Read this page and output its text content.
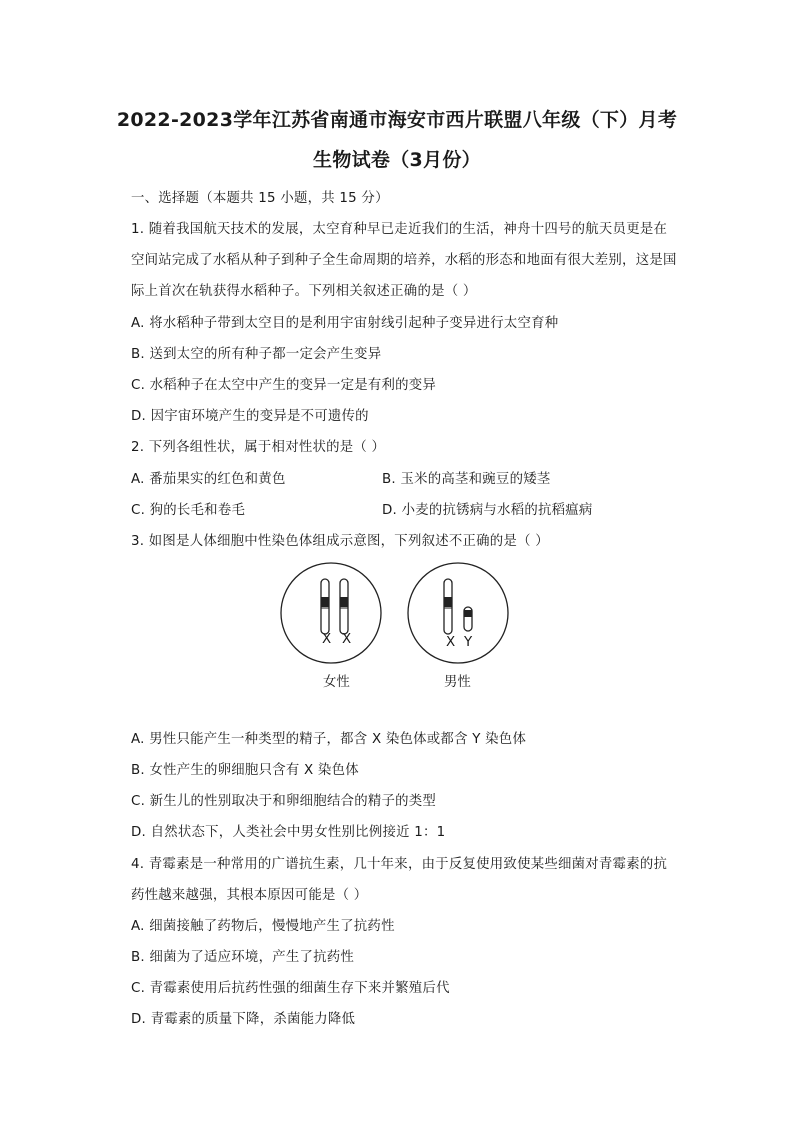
2022-2023学年江苏省南通市海安市西片联盟八年级（下）月考
生物试卷（3月份）
一、选择题（本题共 15 小题，共 15 分）
1. 随着我国航天技术的发展，太空育种早已走近我们的生活，神舟十四号的航天员更是在
空间站完成了水稻从种子到种子全生命周期的培养，水稻的形态和地面有很大差别，这是国
际上首次在轨获得水稻种子。下列相关叙述正确的是（ ）
A. 将水稻种子带到太空目的是利用宇宙射线引起种子变异进行太空育种
B. 送到太空的所有种子都一定会产生变异
C. 水稻种子在太空中产生的变异一定是有利的变异
D. 因宇宙环境产生的变异是不可遗传的
2. 下列各组性状，属于相对性状的是（ ）
A. 番茄果实的红色和黄色	B. 玉米的高茎和豌豆的矮茎
C. 狗的长毛和卷毛	D. 小麦的抗锈病与水稻的抗稻瘟病
3. 如图是人体细胞中性染色体组成示意图，下列叙述不正确的是（ ）
X X	X Y
女性	男性
A. 男性只能产生一种类型的精子，都含 X 染色体或都含 Y 染色体
B. 女性产生的卵细胞只含有 X 染色体
C. 新生儿的性别取决于和卵细胞结合的精子的类型
D. 自然状态下，人类社会中男女性别比例接近 1：1
4. 青霉素是一种常用的广谱抗生素，几十年来，由于反复使用致使某些细菌对青霉素的抗
药性越来越强，其根本原因可能是（ ）
A. 细菌接触了药物后，慢慢地产生了抗药性
B. 细菌为了适应环境，产生了抗药性
C. 青霉素使用后抗药性强的细菌生存下来并繁殖后代
D. 青霉素的质量下降，杀菌能力降低
